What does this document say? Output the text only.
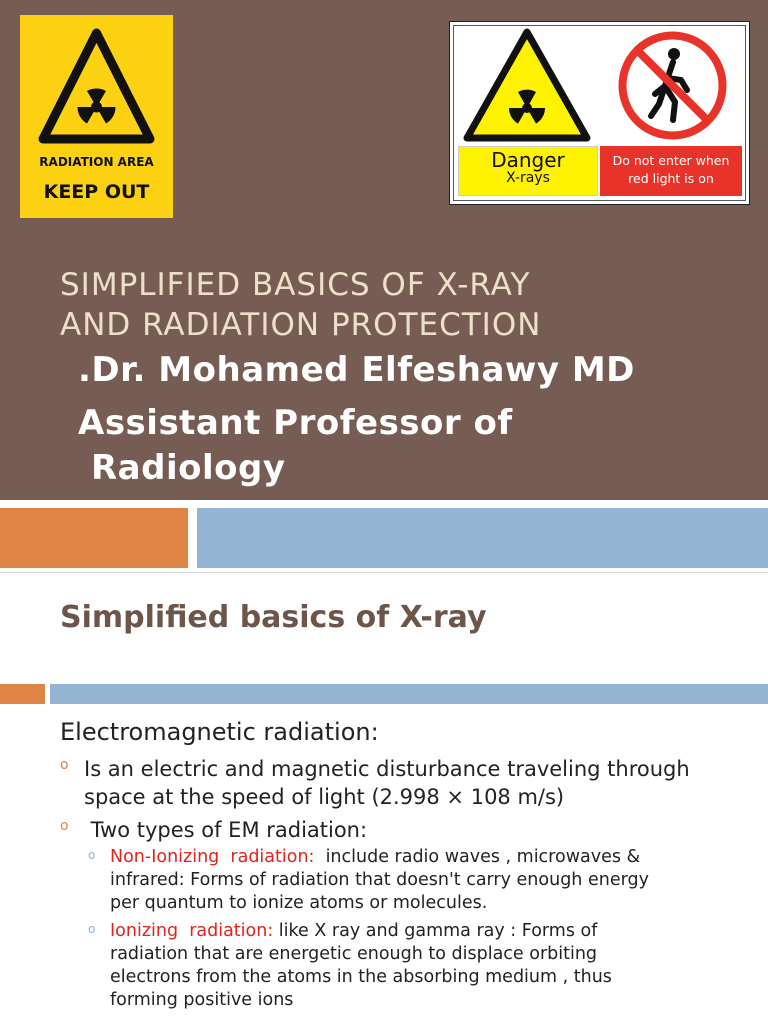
RADIATION AREA
KEEP OUT
Danger
X-rays
Do not enter when
red light is on
SIMPLIFIED BASICS OF X-RAY
AND RADIATION PROTECTION
.Dr. Mohamed Elfeshawy MD
Assistant Professor of
Radiology
Simplified basics of X-ray
Electromagnetic radiation:
o Is an electric and magnetic disturbance traveling through
space at the speed of light (2.998 × 108 m/s)
o Two types of EM radiation:
o Non-Ionizing  radiation:  include radio waves , microwaves &
infrared: Forms of radiation that doesn't carry enough energy
per quantum to ionize atoms or molecules.
o Ionizing  radiation: like X ray and gamma ray : Forms of
radiation that are energetic enough to displace orbiting
electrons from the atoms in the absorbing medium , thus
forming positive ions
